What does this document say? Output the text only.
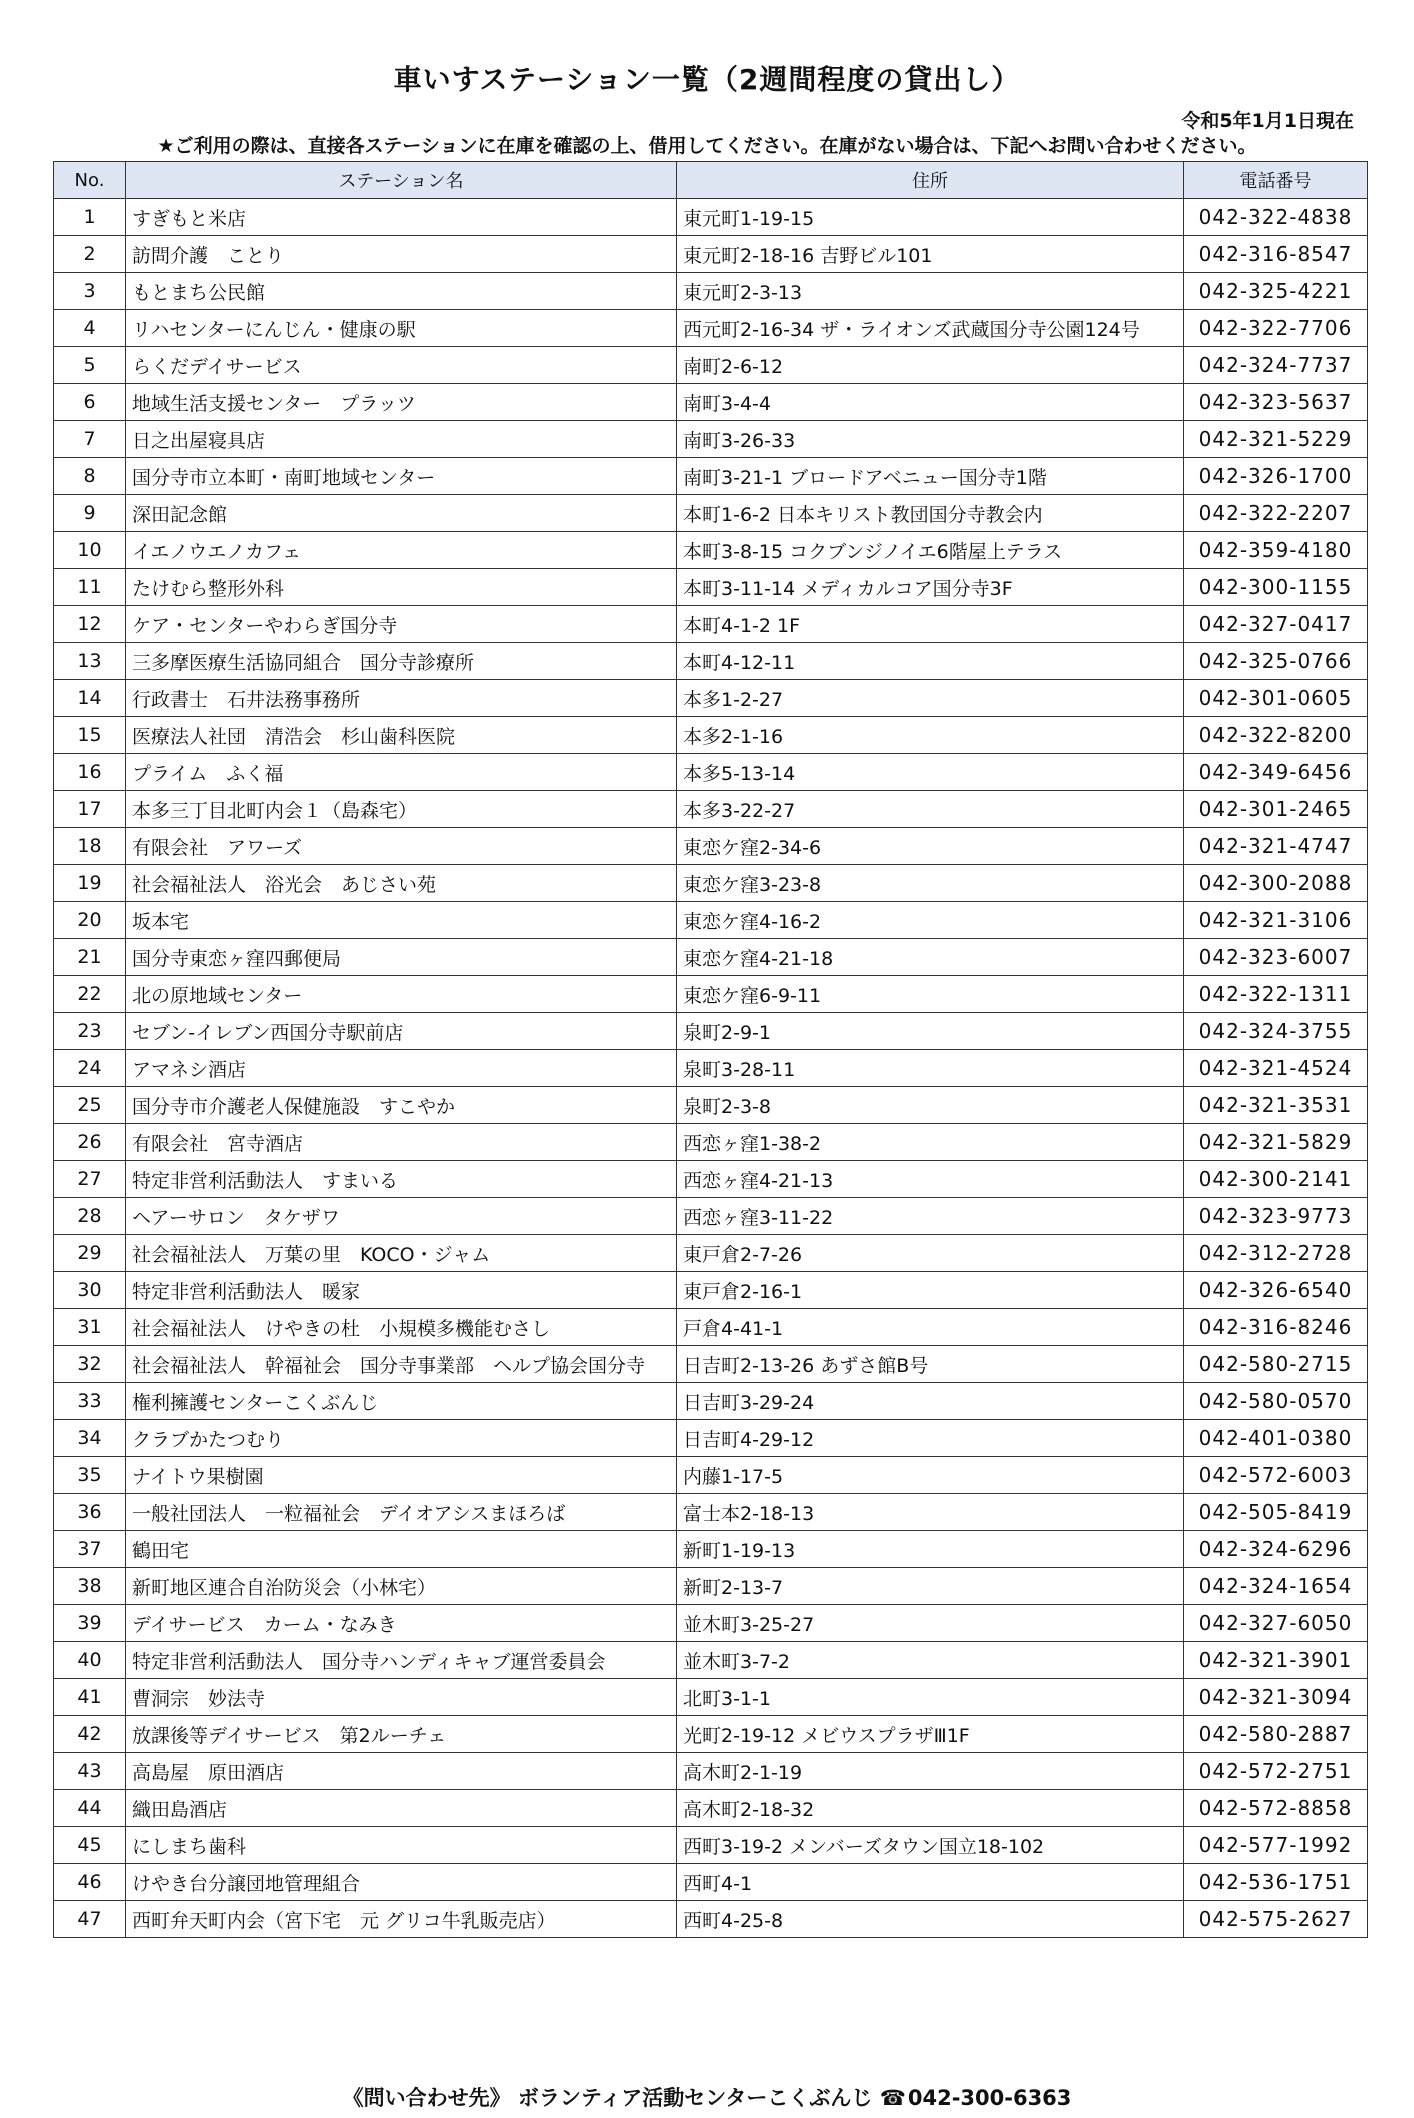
車いすステーション一覧（2週間程度の貸出し）
令和5年1月1日現在
★ご利用の際は、直接各ステーションに在庫を確認の上、借用してください。在庫がない場合は、下記へお問い合わせください。
No.	ステーション名	住所	電話番号
1	すぎもと米店	東元町1-19-15	042-322-4838
2	訪問介護　ことり	東元町2-18-16 吉野ビル101	042-316-8547
3	もとまち公民館	東元町2-3-13	042-325-4221
4	リハセンターにんじん・健康の駅	西元町2-16-34 ザ・ライオンズ武蔵国分寺公園124号	042-322-7706
5	らくだデイサービス	南町2-6-12	042-324-7737
6	地域生活支援センター　プラッツ	南町3-4-4	042-323-5637
7	日之出屋寝具店	南町3-26-33	042-321-5229
8	国分寺市立本町・南町地域センター	南町3-21-1 ブロードアベニュー国分寺1階	042-326-1700
9	深田記念館	本町1-6-2 日本キリスト教団国分寺教会内	042-322-2207
10	イエノウエノカフェ	本町3-8-15 コクブンジノイエ6階屋上テラス	042-359-4180
11	たけむら整形外科	本町3-11-14 メディカルコア国分寺3F	042-300-1155
12	ケア・センターやわらぎ国分寺	本町4-1-2 1F	042-327-0417
13	三多摩医療生活協同組合　国分寺診療所	本町4-12-11	042-325-0766
14	行政書士　石井法務事務所	本多1-2-27	042-301-0605
15	医療法人社団　清浩会　杉山歯科医院	本多2-1-16	042-322-8200
16	プライム　ふく福	本多5-13-14	042-349-6456
17	本多三丁目北町内会１（島森宅）	本多3-22-27	042-301-2465
18	有限会社　アワーズ	東恋ケ窪2-34-6	042-321-4747
19	社会福祉法人　浴光会　あじさい苑	東恋ケ窪3-23-8	042-300-2088
20	坂本宅	東恋ケ窪4-16-2	042-321-3106
21	国分寺東恋ヶ窪四郵便局	東恋ケ窪4-21-18	042-323-6007
22	北の原地域センター	東恋ケ窪6-9-11	042-322-1311
23	セブン-イレブン西国分寺駅前店	泉町2-9-1	042-324-3755
24	アマネシ酒店	泉町3-28-11	042-321-4524
25	国分寺市介護老人保健施設　すこやか	泉町2-3-8	042-321-3531
26	有限会社　宮寺酒店	西恋ヶ窪1-38-2	042-321-5829
27	特定非営利活動法人　すまいる	西恋ヶ窪4-21-13	042-300-2141
28	ヘアーサロン　タケザワ	西恋ヶ窪3-11-22	042-323-9773
29	社会福祉法人　万葉の里　KOCO・ジャム	東戸倉2-7-26	042-312-2728
30	特定非営利活動法人　暖家	東戸倉2-16-1	042-326-6540
31	社会福祉法人　けやきの杜　小規模多機能むさし	戸倉4-41-1	042-316-8246
32	社会福祉法人　幹福祉会　国分寺事業部　ヘルプ協会国分寺	日吉町2-13-26 あずさ館B号	042-580-2715
33	権利擁護センターこくぶんじ	日吉町3-29-24	042-580-0570
34	クラブかたつむり	日吉町4-29-12	042-401-0380
35	ナイトウ果樹園	内藤1-17-5	042-572-6003
36	一般社団法人　一粒福祉会　デイオアシスまほろば	富士本2-18-13	042-505-8419
37	鶴田宅	新町1-19-13	042-324-6296
38	新町地区連合自治防災会（小林宅）	新町2-13-7	042-324-1654
39	デイサービス　カーム・なみき	並木町3-25-27	042-327-6050
40	特定非営利活動法人　国分寺ハンディキャブ運営委員会	並木町3-7-2	042-321-3901
41	曹洞宗　妙法寺	北町3-1-1	042-321-3094
42	放課後等デイサービス　第2ルーチェ	光町2-19-12 メビウスプラザⅢ1F	042-580-2887
43	高島屋　原田酒店	高木町2-1-19	042-572-2751
44	織田島酒店	高木町2-18-32	042-572-8858
45	にしまち歯科	西町3-19-2 メンバーズタウン国立18-102	042-577-1992
46	けやき台分譲団地管理組合	西町4-1	042-536-1751
47	西町弁天町内会（宮下宅　元 グリコ牛乳販売店）	西町4-25-8	042-575-2627
《問い合わせ先》 ボランティア活動センターこくぶんじ ☎042-300-6363
